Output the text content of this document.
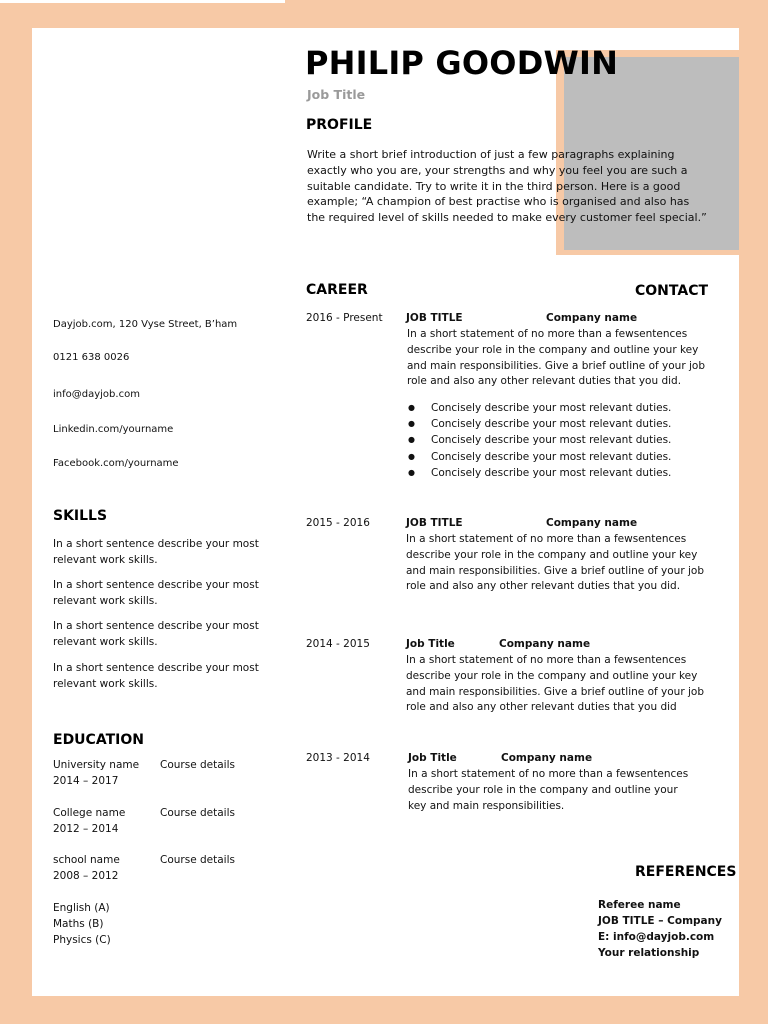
PHILIP GOODWIN
Job Title
PROFILE
Write a short brief introduction of just a few paragraphs explaining exactly who you are, your strengths and why you feel you are such a suitable candidate. Try to write it in the third person. Here is a good example; “A champion of best practise who is organised and also has the required level of skills needed to make every customer feel special.”
CAREER
2016 - Present JOB TITLE	Company name
In a short statement of no more than a fewsentences describe your role in the company and outline your key and main responsibilities. Give a brief outline of your job role and also any other relevant duties that you did.
● Concisely describe your most relevant duties.
● Concisely describe your most relevant duties.
● Concisely describe your most relevant duties.
● Concisely describe your most relevant duties.
● Concisely describe your most relevant duties.
2015 - 2016	JOB TITLE	Company name
In a short statement of no more than a fewsentences describe your role in the company and outline your key and main responsibilities. Give a brief outline of your job role and also any other relevant duties that you did.
2014 - 2015	Job Title	Company name
In a short statement of no more than a fewsentences describe your role in the company and outline your key and main responsibilities. Give a brief outline of your job role and also any other relevant duties that you did
2013 - 2014	Job Title	Company name
In a short statement of no more than a fewsentences describe your role in the company and outline your key and main responsibilities.
CONTACT
Dayjob.com, 120 Vyse Street, B’ham
0121 638 0026
info@dayjob.com
Linkedin.com/yourname
Facebook.com/yourname
SKILLS
In a short sentence describe your most relevant work skills.
In a short sentence describe your most relevant work skills.
In a short sentence describe your most relevant work skills.
In a short sentence describe your most relevant work skills.
EDUCATION
University name
2014 – 2017
Course details
College name
2012 – 2014
Course details
school name
2008 – 2012
Course details
English (A)
Maths (B)
Physics (C)
REFERENCES
Referee name
JOB TITLE – Company
E: info@dayjob.com
Your relationship
